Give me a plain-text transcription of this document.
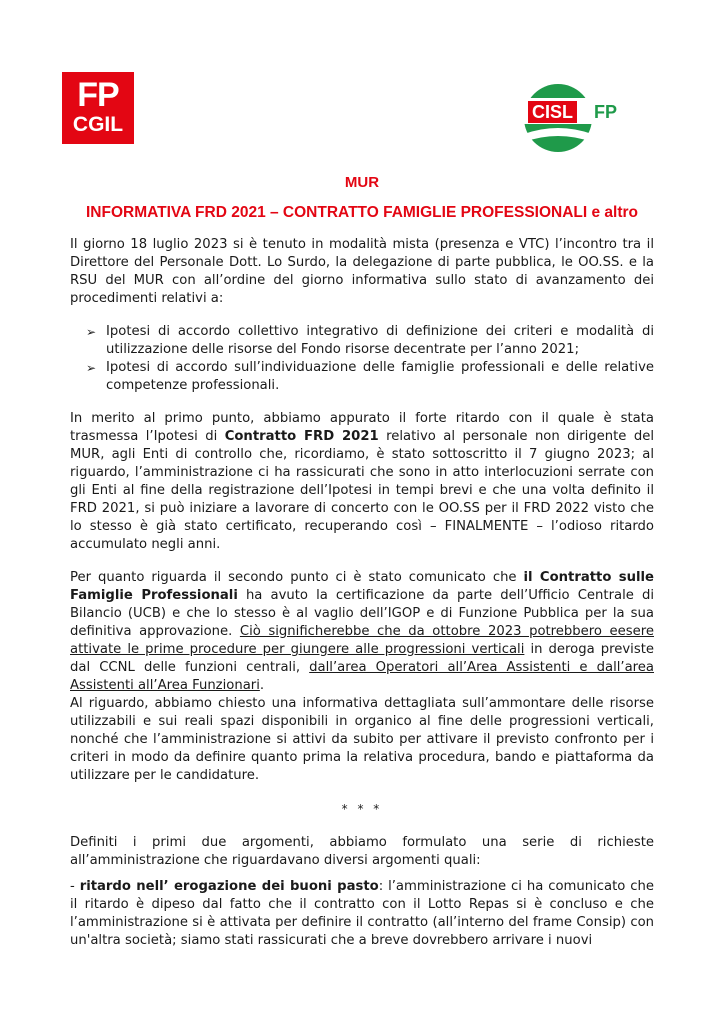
FP
CGIL
CISL FP
MUR
INFORMATIVA FRD 2021 – CONTRATTO FAMIGLIE PROFESSIONALI e altro

Il giorno 18 luglio 2023 si è tenuto in modalità mista (presenza e VTC) l’incontro tra il Direttore del Personale Dott. Lo Surdo, la delegazione di parte pubblica, le OO.SS. e la RSU del MUR con all’ordine del giorno informativa sullo stato di avanzamento dei procedimenti relativi a:

➢ Ipotesi di accordo collettivo integrativo di definizione dei criteri e modalità di utilizzazione delle risorse del Fondo risorse decentrate per l’anno 2021;
➢ Ipotesi di accordo sull’individuazione delle famiglie professionali e delle relative competenze professionali.

In merito al primo punto, abbiamo appurato il forte ritardo con il quale è stata trasmessa l’Ipotesi di Contratto FRD 2021 relativo al personale non dirigente del MUR, agli Enti di controllo che, ricordiamo, è stato sottoscritto il 7 giugno 2023; al riguardo, l’amministrazione ci ha rassicurati che sono in atto interlocuzioni serrate con gli Enti al fine della registrazione dell’Ipotesi in tempi brevi e che una volta definito il FRD 2021, si può iniziare a lavorare di concerto con le OO.SS per il FRD 2022 visto che lo stesso è già stato certificato, recuperando così – FINALMENTE – l’odioso ritardo accumulato negli anni.

Per quanto riguarda il secondo punto ci è stato comunicato che il Contratto sulle Famiglie Professionali ha avuto la certificazione da parte dell’Ufficio Centrale di Bilancio (UCB) e che lo stesso è al vaglio dell’IGOP e di Funzione Pubblica per la sua definitiva approvazione. Ciò significherebbe che da ottobre 2023 potrebbero eesere attivate le prime procedure per giungere alle progressioni verticali in deroga previste dal CCNL delle funzioni centrali, dall’area Operatori all’Area Assistenti e dall’area Assistenti all’Area Funzionari.

Al riguardo, abbiamo chiesto una informativa dettagliata sull’ammontare delle risorse utilizzabili e sui reali spazi disponibili in organico al fine delle progressioni verticali, nonché che l’amministrazione si attivi da subito per attivare il previsto confronto per i criteri in modo da definire quanto prima la relativa procedura, bando e piattaforma da utilizzare per le candidature.

* * *

Definiti i primi due argomenti, abbiamo formulato una serie di richieste all’amministrazione che riguardavano diversi argomenti quali:

- ritardo nell’ erogazione dei buoni pasto: l’amministrazione ci ha comunicato che il ritardo è dipeso dal fatto che il contratto con il Lotto Repas si è concluso e che l’amministrazione si è attivata per definire il contratto (all’interno del frame Consip) con un'altra società; siamo stati rassicurati che a breve dovrebbero arrivare i nuovi
